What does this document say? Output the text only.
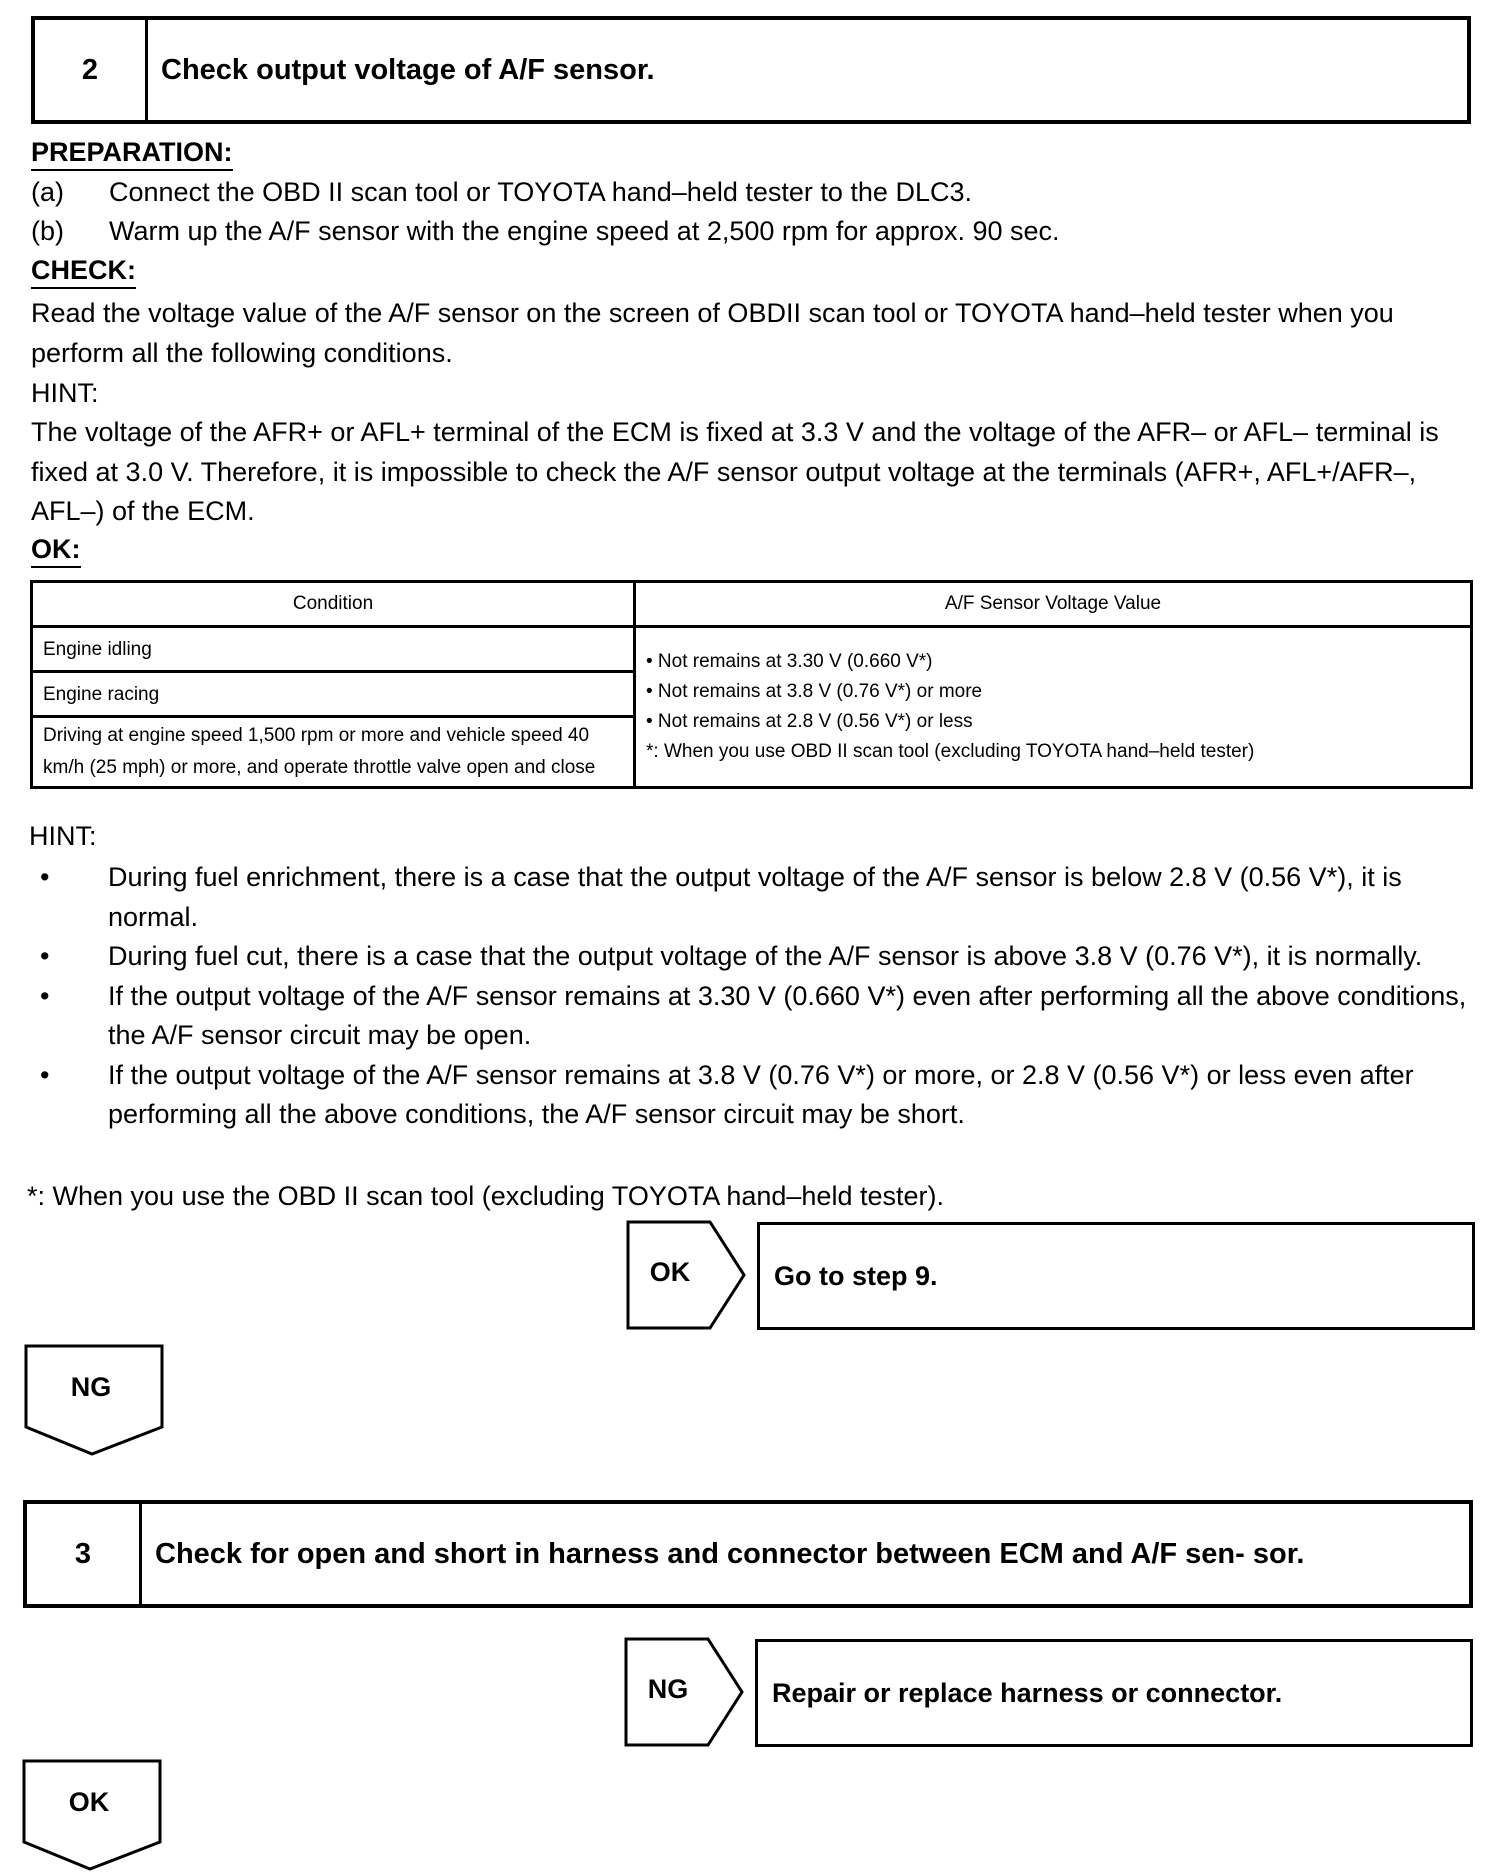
2	Check output voltage of A/F sensor.
PREPARATION:
(a) Connect the OBD II scan tool or TOYOTA hand–held tester to the DLC3.
(b) Warm up the A/F sensor with the engine speed at 2,500 rpm for approx. 90 sec.
CHECK:
Read the voltage value of the A/F sensor on the screen of OBDII scan tool or TOYOTA hand–held tester when you perform all the following conditions.
HINT:
The voltage of the AFR+ or AFL+ terminal of the ECM is fixed at 3.3 V and the voltage of the AFR– or AFL– terminal is fixed at 3.0 V. Therefore, it is impossible to check the A/F sensor output voltage at the terminals (AFR+, AFL+/AFR–, AFL–) of the ECM.
OK:
Condition	A/F Sensor Voltage Value
Engine idling	• Not remains at 3.30 V (0.660 V*)
• Not remains at 3.8 V (0.76 V*) or more
• Not remains at 2.8 V (0.56 V*) or less
*: When you use OBD II scan tool (excluding TOYOTA hand–held tester)

Engine racing	
Driving at engine speed 1,500 rpm or more and vehicle speed 40 km/h (25 mph) or more, and operate throttle valve open and close	
HINT:
• During fuel enrichment, there is a case that the output voltage of the A/F sensor is below 2.8 V (0.56 V*), it is normal.
• During fuel cut, there is a case that the output voltage of the A/F sensor is above 3.8 V (0.76 V*), it is normally.
• If the output voltage of the A/F sensor remains at 3.30 V (0.660 V*) even after performing all the above conditions, the A/F sensor circuit may be open.
• If the output voltage of the A/F sensor remains at 3.8 V (0.76 V*) or more, or 2.8 V (0.56 V*) or less even after performing all the above conditions, the A/F sensor circuit may be short.
*: When you use the OBD II scan tool (excluding TOYOTA hand–held tester).
OK	Go to step 9.
NG
3	Check for open and short in harness and connector between ECM and A/F sen- sor.
NG	Repair or replace harness or connector.
OK
